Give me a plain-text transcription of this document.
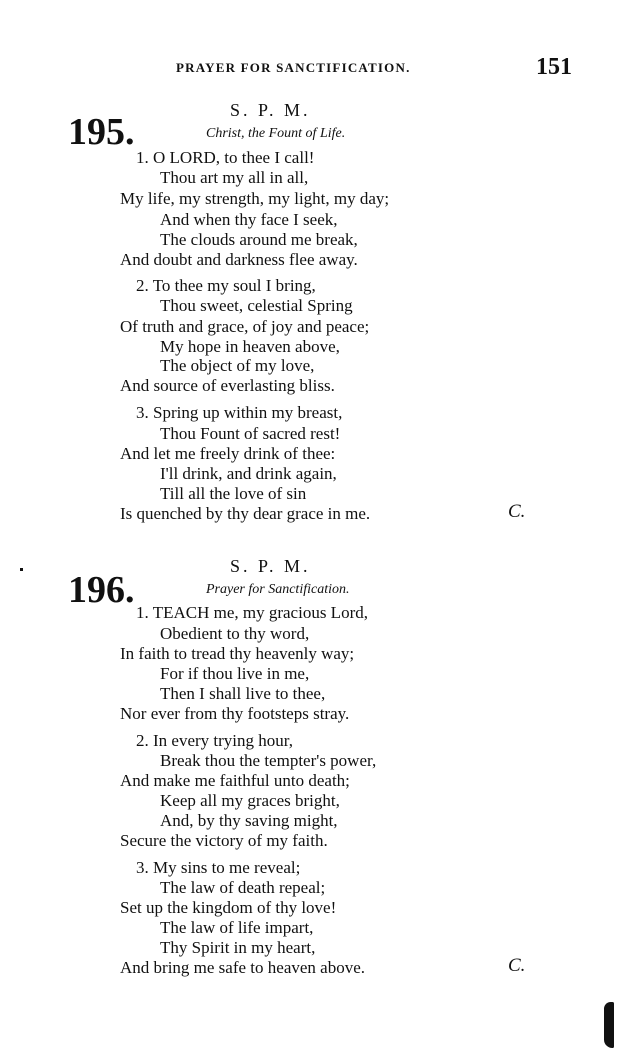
PRAYER FOR SANCTIFICATION.	151
S. P. M.
195.	Christ, the Fount of Life.
1. O LORD, to thee I call!
Thou art my all in all,
My life, my strength, my light, my day;
And when thy face I seek,
The clouds around me break,
And doubt and darkness flee away.
2. To thee my soul I bring,
Thou sweet, celestial Spring
Of truth and grace, of joy and peace;
My hope in heaven above,
The object of my love,
And source of everlasting bliss.
3. Spring up within my breast,
Thou Fount of sacred rest!
And let me freely drink of thee:
I'll drink, and drink again,
Till all the love of sin
Is quenched by thy dear grace in me.	C.
S. P. M.
196.	Prayer for Sanctification.
1. TEACH me, my gracious Lord,
Obedient to thy word,
In faith to tread thy heavenly way;
For if thou live in me,
Then I shall live to thee,
Nor ever from thy footsteps stray.
2. In every trying hour,
Break thou the tempter's power,
And make me faithful unto death;
Keep all my graces bright,
And, by thy saving might,
Secure the victory of my faith.
3. My sins to me reveal;
The law of death repeal;
Set up the kingdom of thy love!
The law of life impart,
Thy Spirit in my heart,
And bring me safe to heaven above.	C.
